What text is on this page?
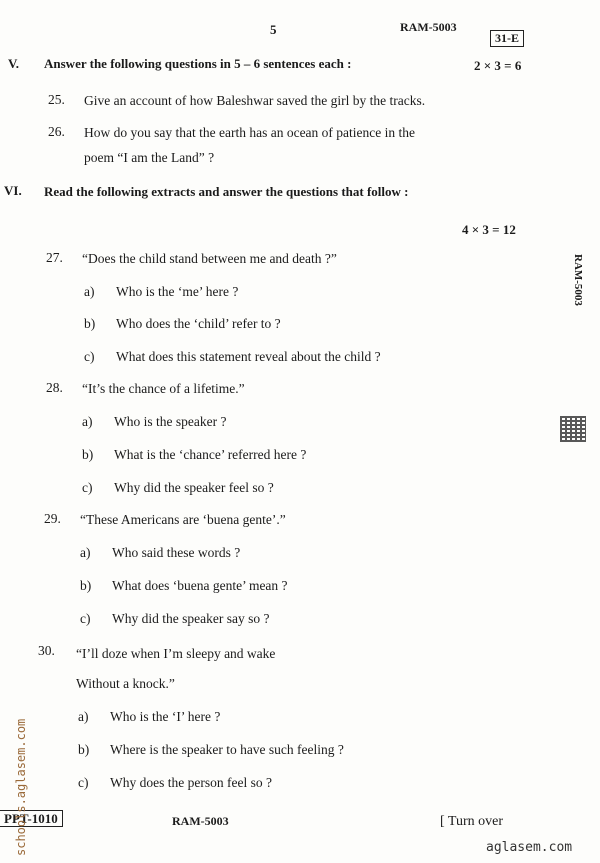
5	RAM-5003
31-E
RAM-5003
V. Answer the following questions in 5 – 6 sentences each :	2 × 3 = 6
25. Give an account of how Baleshwar saved the girl by the tracks.
26. How do you say that the earth has an ocean of patience in the
poem “I am the Land” ?
VI. Read the following extracts and answer the questions that follow :
4 × 3 = 12
27. “Does the child stand between me and death ?”
a) Who is the ‘me’ here ?
b) Who does the ‘child’ refer to ?
c) What does this statement reveal about the child ?
28. “It’s the chance of a lifetime.”
a) Who is the speaker ?
b) What is the ‘chance’ referred here ?
c) Why did the speaker feel so ?
29. “These Americans are ‘buena gente’.”
a) Who said these words ?
b) What does ‘buena gente’ mean ?
c) Why did the speaker say so ?
30. “I’ll doze when I’m sleepy and wake
Without a knock.”
a) Who is the ‘I’ here ?
b) Where is the speaker to have such feeling ?
c) Why does the person feel so ?
PPT-1010	RAM-5003	[ Turn over
schools.aglasem.com	aglasem.com
